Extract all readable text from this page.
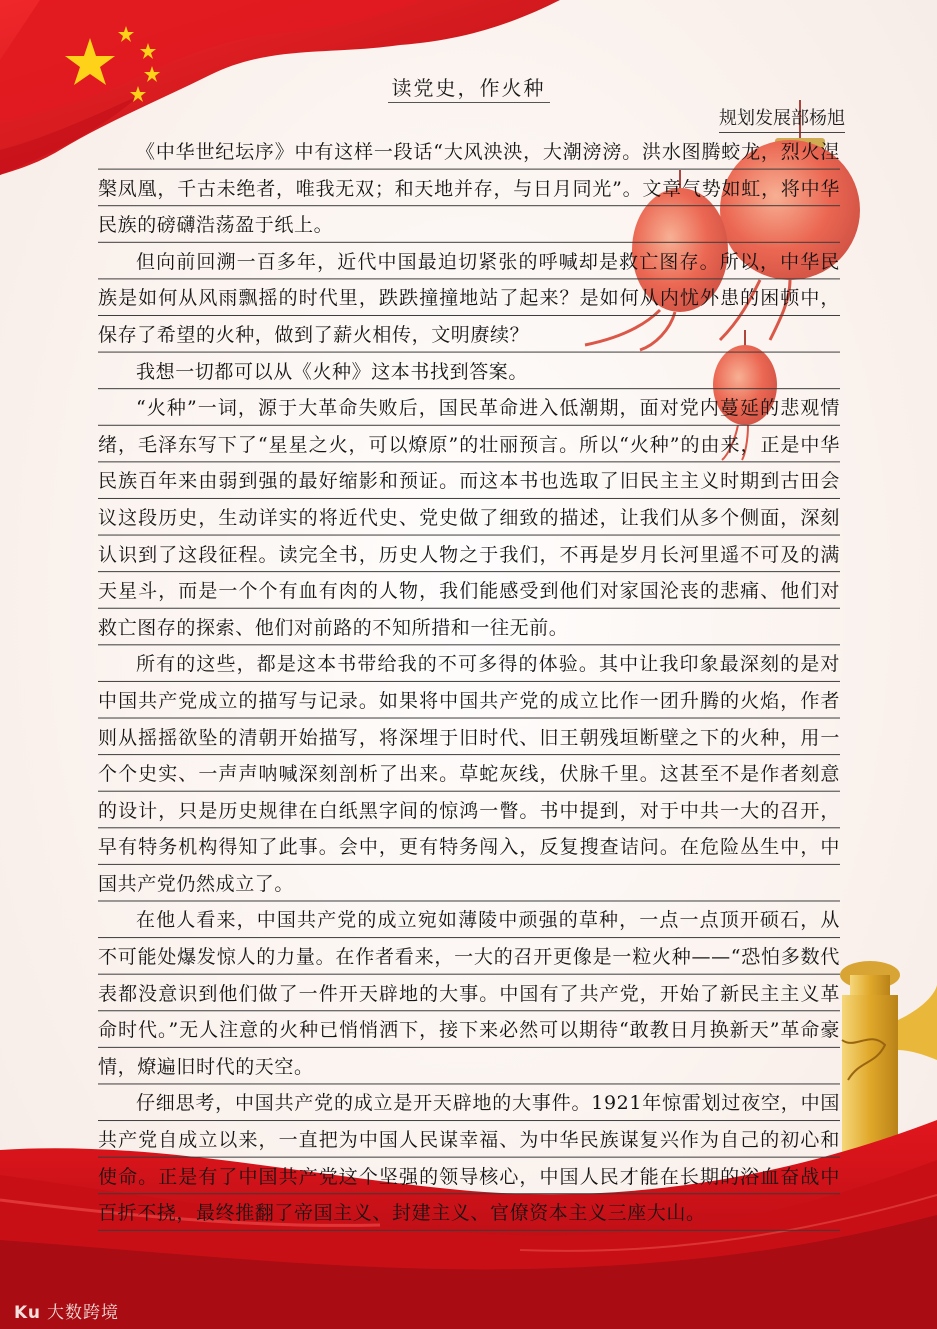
读党史，作火种
规划发展部杨旭

《中华世纪坛序》中有这样一段话“大风泱泱，大潮滂滂。洪水图腾蛟龙，烈火涅槃凤凰，千古未绝者，唯我无双；和天地并存，与日月同光”。文章气势如虹，将中华民族的磅礴浩荡盈于纸上。

但向前回溯一百多年，近代中国最迫切紧张的呼喊却是救亡图存。所以，中华民族是如何从风雨飘摇的时代里，跌跌撞撞地站了起来？是如何从内忧外患的困顿中，保存了希望的火种，做到了薪火相传，文明赓续？

我想一切都可以从《火种》这本书找到答案。

“火种”一词，源于大革命失败后，国民革命进入低潮期，面对党内蔓延的悲观情绪，毛泽东写下了“星星之火，可以燎原”的壮丽预言。所以“火种”的由来，正是中华民族百年来由弱到强的最好缩影和预证。而这本书也选取了旧民主主义时期到古田会议这段历史，生动详实的将近代史、党史做了细致的描述，让我们从多个侧面，深刻认识到了这段征程。读完全书，历史人物之于我们，不再是岁月长河里遥不可及的满天星斗，而是一个个有血有肉的人物，我们能感受到他们对家国沦丧的悲痛、他们对救亡图存的探索、他们对前路的不知所措和一往无前。

所有的这些，都是这本书带给我的不可多得的体验。其中让我印象最深刻的是对中国共产党成立的描写与记录。如果将中国共产党的成立比作一团升腾的火焰，作者则从摇摇欲坠的清朝开始描写，将深埋于旧时代、旧王朝残垣断壁之下的火种，用一个个史实、一声声呐喊深刻剖析了出来。草蛇灰线，伏脉千里。这甚至不是作者刻意的设计，只是历史规律在白纸黑字间的惊鸿一瞥。书中提到，对于中共一大的召开，早有特务机构得知了此事。会中，更有特务闯入，反复搜查诘问。在危险丛生中，中国共产党仍然成立了。

在他人看来，中国共产党的成立宛如薄陵中顽强的草种，一点一点顶开硕石，从不可能处爆发惊人的力量。在作者看来，一大的召开更像是一粒火种——“恐怕多数代表都没意识到他们做了一件开天辟地的大事。中国有了共产党，开始了新民主主义革命时代。”无人注意的火种已悄悄洒下，接下来必然可以期待“敢教日月换新天”革命豪情，燎遍旧时代的天空。

仔细思考，中国共产党的成立是开天辟地的大事件。1921年惊雷划过夜空，中国共产党自成立以来，一直把为中国人民谋幸福、为中华民族谋复兴作为自己的初心和使命。正是有了中国共产党这个坚强的领导核心，中国人民才能在长期的浴血奋战中百折不挠，最终推翻了帝国主义、封建主义、官僚资本主义三座大山。

Ku 大数跨境
